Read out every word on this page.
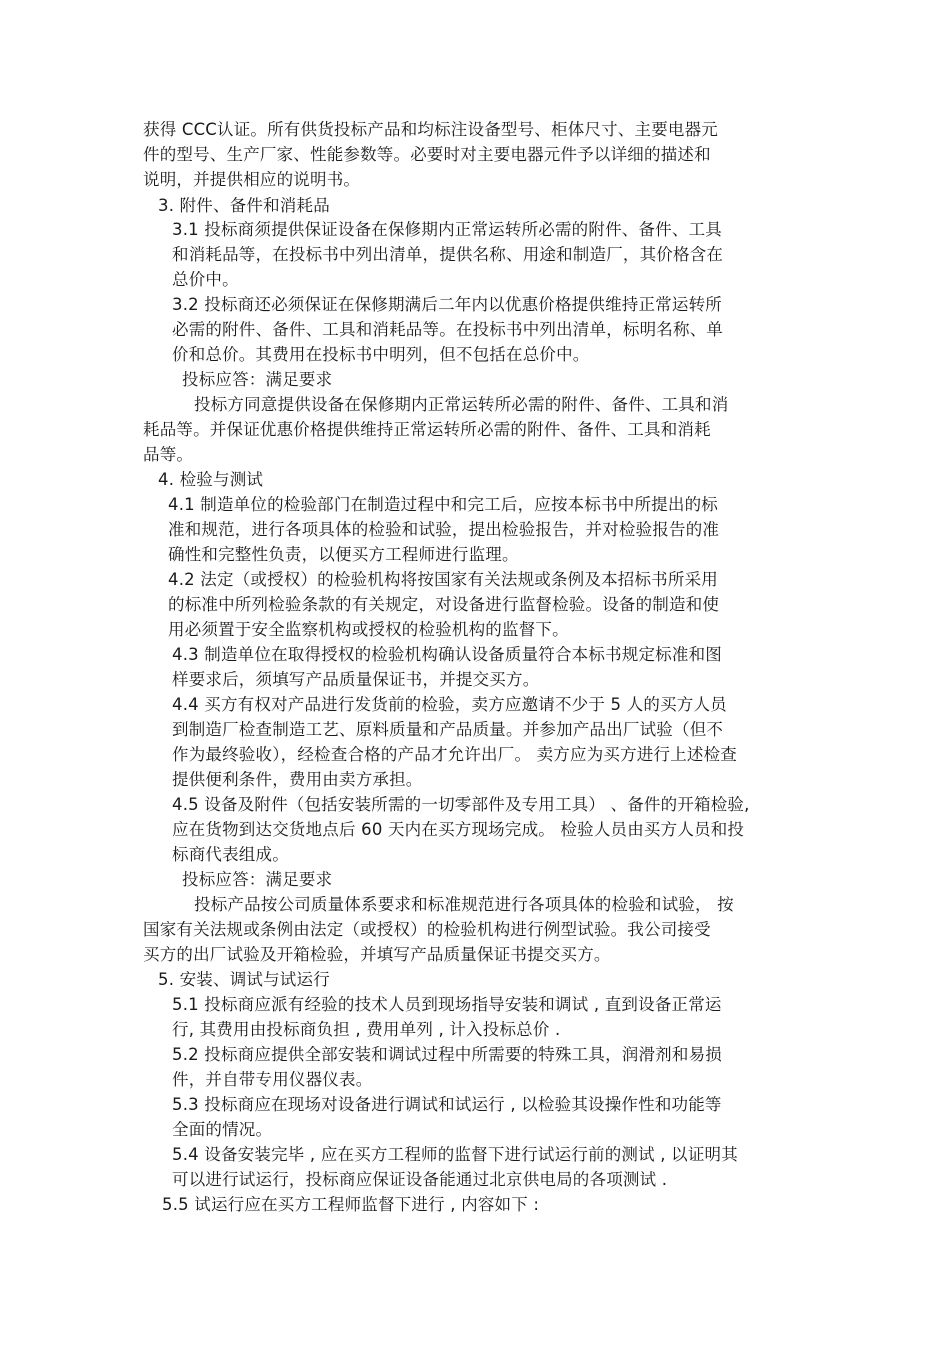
获得 CCC认证。所有供货投标产品和均标注设备型号、柜体尺寸、主要电器元
件的型号、生产厂家、性能参数等。必要时对主要电器元件予以详细的描述和
说明，并提供相应的说明书。
3. 附件、备件和消耗品
3.1 投标商须提供保证设备在保修期内正常运转所必需的附件、备件、工具
和消耗品等，在投标书中列出清单，提供名称、用途和制造厂，其价格含在
总价中。
3.2 投标商还必须保证在保修期满后二年内以优惠价格提供维持正常运转所
必需的附件、备件、工具和消耗品等。在投标书中列出清单，标明名称、单
价和总价。其费用在投标书中明列，但不包括在总价中。
投标应答：满足要求
投标方同意提供设备在保修期内正常运转所必需的附件、备件、工具和消
耗品等。并保证优惠价格提供维持正常运转所必需的附件、备件、工具和消耗
品等。
4. 检验与测试
4.1 制造单位的检验部门在制造过程中和完工后，应按本标书中所提出的标
准和规范，进行各项具体的检验和试验，提出检验报告，并对检验报告的准
确性和完整性负责，以便买方工程师进行监理。
4.2 法定（或授权）的检验机构将按国家有关法规或条例及本招标书所采用
的标准中所列检验条款的有关规定，对设备进行监督检验。设备的制造和使
用必须置于安全监察机构或授权的检验机构的监督下。
4.3 制造单位在取得授权的检验机构确认设备质量符合本标书规定标准和图
样要求后，须填写产品质量保证书，并提交买方。
4.4 买方有权对产品进行发货前的检验，卖方应邀请不少于 5 人的买方人员
到制造厂检查制造工艺、原料质量和产品质量。并参加产品出厂试验（但不
作为最终验收），经检查合格的产品才允许出厂。 卖方应为买方进行上述检查
提供便利条件，费用由卖方承担。
4.5 设备及附件（包括安装所需的一切零部件及专用工具） 、备件的开箱检验,
应在货物到达交货地点后 60 天内在买方现场完成。 检验人员由买方人员和投
标商代表组成。
投标应答：满足要求
投标产品按公司质量体系要求和标准规范进行各项具体的检验和试验， 按
国家有关法规或条例由法定（或授权）的检验机构进行例型试验。我公司接受
买方的出厂试验及开箱检验，并填写产品质量保证书提交买方。
5. 安装、调试与试运行
5.1 投标商应派有经验的技术人员到现场指导安装和调试 , 直到设备正常运
行, 其费用由投标商负担 , 费用单列 , 计入投标总价 .
5.2 投标商应提供全部安装和调试过程中所需要的特殊工具，润滑剂和易损
件，并自带专用仪器仪表。
5.3 投标商应在现场对设备进行调试和试运行 , 以检验其设操作性和功能等
全面的情况。
5.4 设备安装完毕 , 应在买方工程师的监督下进行试运行前的测试 , 以证明其
可以进行试运行，投标商应保证设备能通过北京供电局的各项测试 .
5.5 试运行应在买方工程师监督下进行 , 内容如下 :
